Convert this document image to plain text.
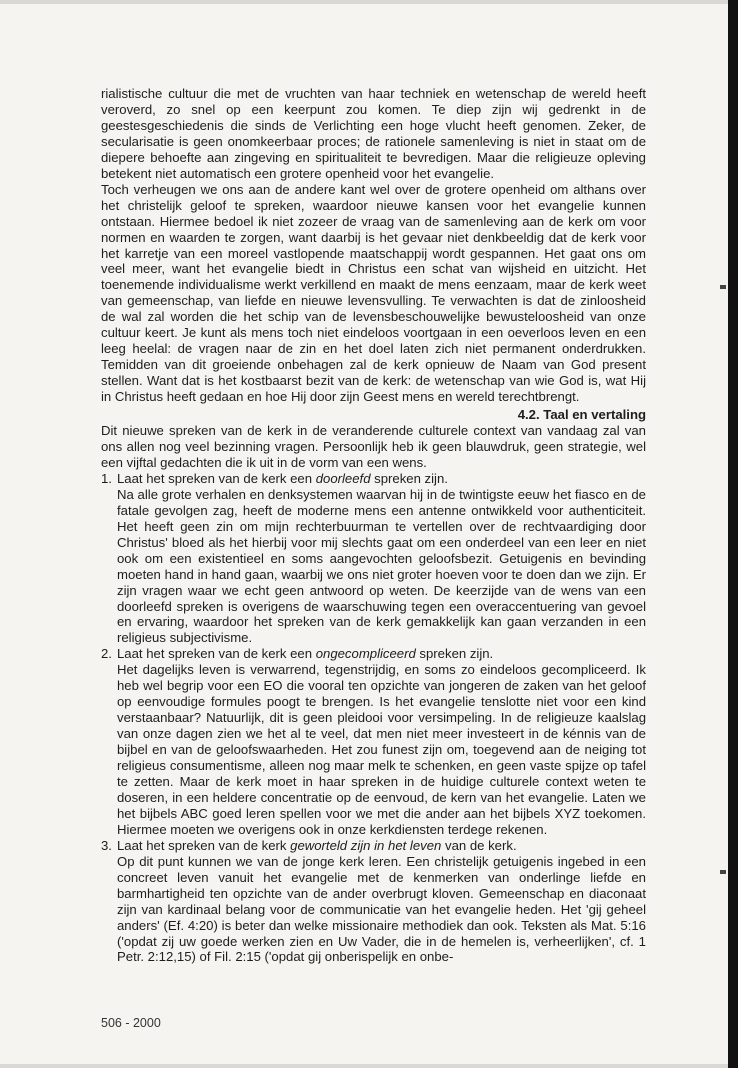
rialistische cultuur die met de vruchten van haar techniek en wetenschap de wereld heeft veroverd, zo snel op een keerpunt zou komen. Te diep zijn wij gedrenkt in de geestesgeschiedenis die sinds de Verlichting een hoge vlucht heeft genomen. Zeker, de secularisatie is geen onomkeerbaar proces; de rationele samenleving is niet in staat om de diepere behoefte aan zingeving en spiritualiteit te bevredigen. Maar die religieuze opleving betekent niet automatisch een grotere openheid voor het evangelie.

Toch verheugen we ons aan de andere kant wel over de grotere openheid om althans over het christelijk geloof te spreken, waardoor nieuwe kansen voor het evangelie kunnen ontstaan. Hiermee bedoel ik niet zozeer de vraag van de samenleving aan de kerk om voor normen en waarden te zorgen, want daarbij is het gevaar niet denkbeeldig dat de kerk voor het karretje van een moreel vastlopende maatschappij wordt gespannen. Het gaat ons om veel meer, want het evangelie biedt in Christus een schat van wijsheid en uitzicht. Het toenemende individualisme werkt verkillend en maakt de mens eenzaam, maar de kerk weet van gemeenschap, van liefde en nieuwe levensvulling. Te verwachten is dat de zinloosheid de wal zal worden die het schip van de levensbeschouwelijke bewusteloosheid van onze cultuur keert. Je kunt als mens toch niet eindeloos voortgaan in een oeverloos leven en een leeg heelal: de vragen naar de zin en het doel laten zich niet permanent onderdrukken. Temidden van dit groeiende onbehagen zal de kerk opnieuw de Naam van God present stellen. Want dat is het kostbaarst bezit van de kerk: de wetenschap van wie God is, wat Hij in Christus heeft gedaan en hoe Hij door zijn Geest mens en wereld terechtbrengt.

4.2. Taal en vertaling

Dit nieuwe spreken van de kerk in de veranderende culturele context van vandaag zal van ons allen nog veel bezinning vragen. Persoonlijk heb ik geen blauwdruk, geen strategie, wel een vijftal gedachten die ik uit in de vorm van een wens.

1. Laat het spreken van de kerk een doorleefd spreken zijn.

Na alle grote verhalen en denksystemen waarvan hij in de twintigste eeuw het fiasco en de fatale gevolgen zag, heeft de moderne mens een antenne ontwikkeld voor authenticiteit. Het heeft geen zin om mijn rechterbuurman te vertellen over de rechtvaardiging door Christus' bloed als het hierbij voor mij slechts gaat om een onderdeel van een leer en niet ook om een existentieel en soms aangevochten geloofsbezit. Getuigenis en bevinding moeten hand in hand gaan, waarbij we ons niet groter hoeven voor te doen dan we zijn. Er zijn vragen waar we echt geen antwoord op weten. De keerzijde van de wens van een doorleefd spreken is overigens de waarschuwing tegen een overaccentuering van gevoel en ervaring, waardoor het spreken van de kerk gemakkelijk kan gaan verzanden in een religieus subjectivisme.

2. Laat het spreken van de kerk een ongecompliceerd spreken zijn.

Het dagelijks leven is verwarrend, tegenstrijdig, en soms zo eindeloos gecompliceerd. Ik heb wel begrip voor een EO die vooral ten opzichte van jongeren de zaken van het geloof op eenvoudige formules poogt te brengen. Is het evangelie tenslotte niet voor een kind verstaanbaar? Natuurlijk, dit is geen pleidooi voor versimpeling. In de religieuze kaalslag van onze dagen zien we het al te veel, dat men niet meer investeert in de kénnis van de bijbel en van de geloofswaarheden. Het zou funest zijn om, toegevend aan de neiging tot religieus consumentisme, alleen nog maar melk te schenken, en geen vaste spijze op tafel te zetten. Maar de kerk moet in haar spreken in de huidige culturele context weten te doseren, in een heldere concentratie op de eenvoud, de kern van het evangelie. Laten we het bijbels ABC goed leren spellen voor we met die ander aan het bijbels XYZ toekomen. Hiermee moeten we overigens ook in onze kerkdiensten terdege rekenen.

3. Laat het spreken van de kerk geworteld zijn in het leven van de kerk.

Op dit punt kunnen we van de jonge kerk leren. Een christelijk getuigenis ingebed in een concreet leven vanuit het evangelie met de kenmerken van onderlinge liefde en barmhartigheid ten opzichte van de ander overbrugt kloven. Gemeenschap en diaconaat zijn van kardinaal belang voor de communicatie van het evangelie heden. Het 'gij geheel anders' (Ef. 4:20) is beter dan welke missionaire methodiek dan ook. Teksten als Mat. 5:16 ('opdat zij uw goede werken zien en Uw Vader, die in de hemelen is, verheerlijken', cf. 1 Petr. 2:12,15) of Fil. 2:15 ('opdat gij onberispelijk en onbe-

506 - 2000
